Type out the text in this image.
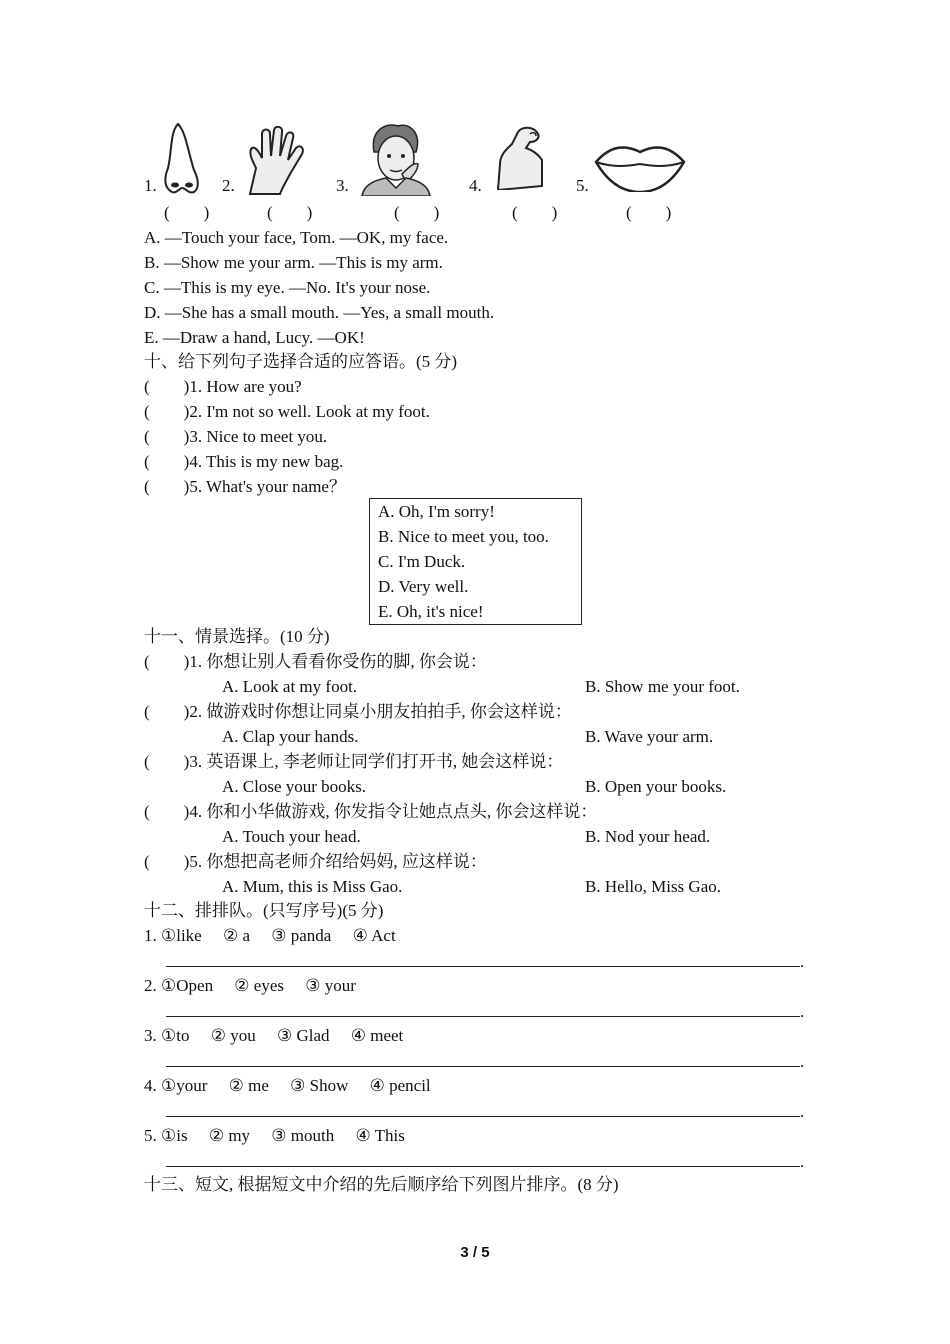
1.	2.	3.	4.	5.
(　　)	(　　)	(　　)	(　　)	(　　)
A. —Touch your face, Tom. —OK, my face.
B. —Show me your arm. —This is my arm.
C. —This is my eye. —No. It's your nose.
D. —She has a small mouth. —Yes, a small mouth.
E. —Draw a hand, Lucy. —OK!
十、给下列句子选择合适的应答语。(5 分)
(　　)1. How are you?
(　　)2. I'm not so well. Look at my foot.
(　　)3. Nice to meet you.
(　　)4. This is my new bag.
(　　)5. What's your name？
A. Oh, I'm sorry!
B. Nice to meet you, too.
C. I'm Duck.
D. Very well.
E. Oh, it's nice!
十一、情景选择。(10 分)
(　　)1. 你想让别人看看你受伤的脚, 你会说：
A. Look at my foot.	B. Show me your foot.
(　　)2. 做游戏时你想让同桌小朋友拍拍手, 你会这样说：
A. Clap your hands.	B. Wave your arm.
(　　)3. 英语课上, 李老师让同学们打开书, 她会这样说：
A. Close your books.	B. Open your books.
(　　)4. 你和小华做游戏, 你发指令让她点点头, 你会这样说：
A. Touch your head.	B. Nod your head.
(　　)5. 你想把高老师介绍给妈妈, 应这样说：
A. Mum, this is Miss Gao.	B. Hello, Miss Gao.
十二、排排队。(只写序号)(5 分)
1. ①like　 ② a　 ③ panda　 ④ Act
.
2. ①Open　 ② eyes　 ③ your
.
3. ①to　 ② you　 ③ Glad　 ④ meet
.
4. ①your　 ② me　 ③ Show　 ④ pencil
.
5. ①is　 ② my　 ③ mouth　 ④ This
.
十三、短文, 根据短文中介绍的先后顺序给下列图片排序。(8 分)
3 / 5
